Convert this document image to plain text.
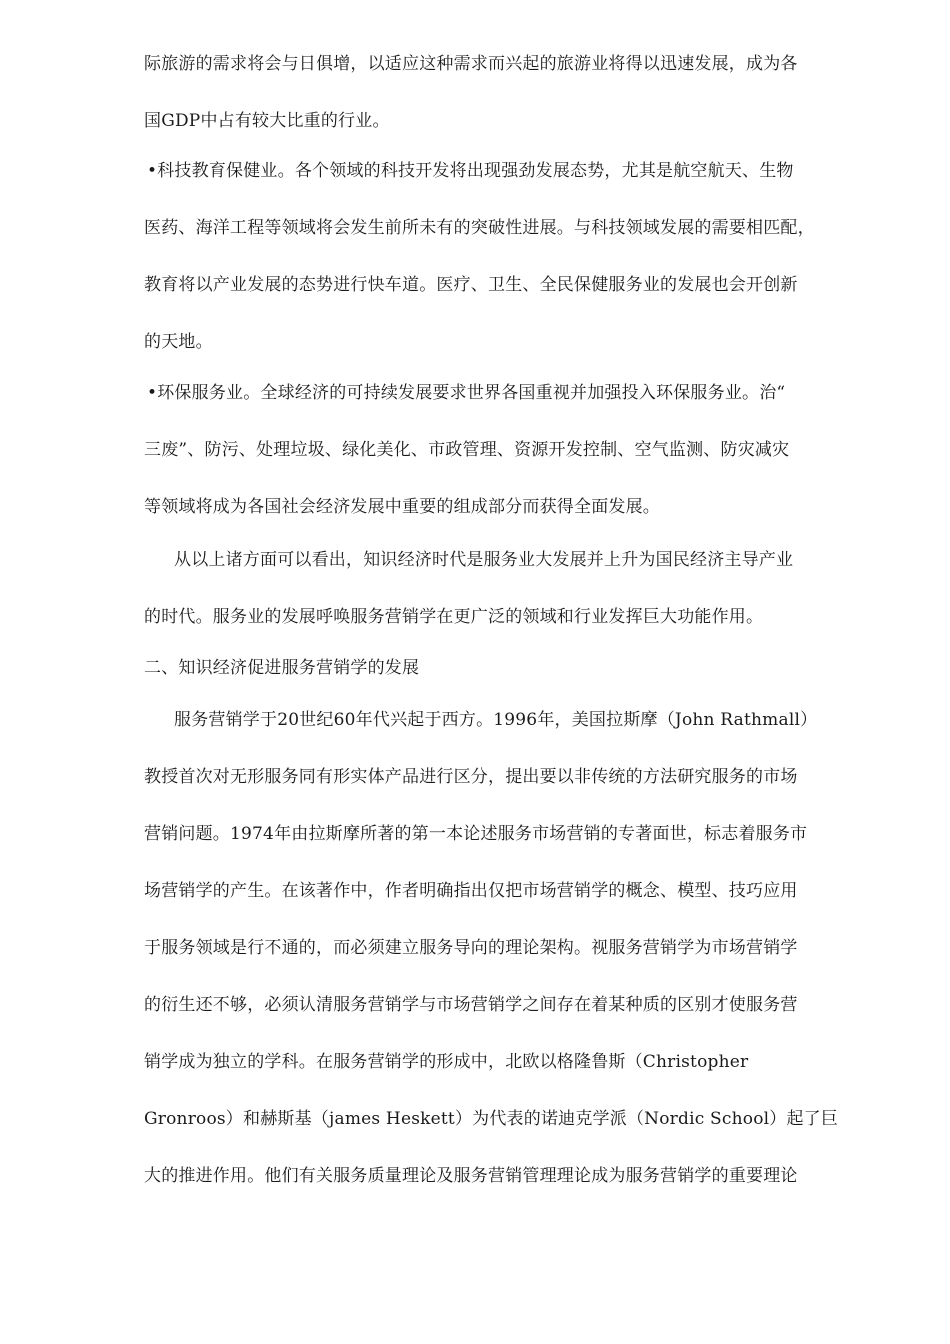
际旅游的需求将会与日俱增，以适应这种需求而兴起的旅游业将得以迅速发展，成为各
国GDP中占有较大比重的行业。
•科技教育保健业。各个领域的科技开发将出现强劲发展态势，尤其是航空航天、生物
医药、海洋工程等领域将会发生前所未有的突破性进展。与科技领域发展的需要相匹配，
教育将以产业发展的态势进行快车道。医疗、卫生、全民保健服务业的发展也会开创新
的天地。
•环保服务业。全球经济的可持续发展要求世界各国重视并加强投入环保服务业。治“
三废”、防污、处理垃圾、绿化美化、市政管理、资源开发控制、空气监测、防灾减灾
等领域将成为各国社会经济发展中重要的组成部分而获得全面发展。
从以上诸方面可以看出，知识经济时代是服务业大发展并上升为国民经济主导产业
的时代。服务业的发展呼唤服务营销学在更广泛的领域和行业发挥巨大功能作用。
二、知识经济促进服务营销学的发展
服务营销学于20世纪60年代兴起于西方。1996年，美国拉斯摩（John Rathmall）
教授首次对无形服务同有形实体产品进行区分，提出要以非传统的方法研究服务的市场
营销问题。1974年由拉斯摩所著的第一本论述服务市场营销的专著面世，标志着服务市
场营销学的产生。在该著作中，作者明确指出仅把市场营销学的概念、模型、技巧应用
于服务领域是行不通的，而必须建立服务导向的理论架构。视服务营销学为市场营销学
的衍生还不够，必须认清服务营销学与市场营销学之间存在着某种质的区别才使服务营
销学成为独立的学科。在服务营销学的形成中，北欧以格隆鲁斯（Christopher
Gronroos）和赫斯基（james Heskett）为代表的诺迪克学派（Nordic School）起了巨
大的推进作用。他们有关服务质量理论及服务营销管理理论成为服务营销学的重要理论
